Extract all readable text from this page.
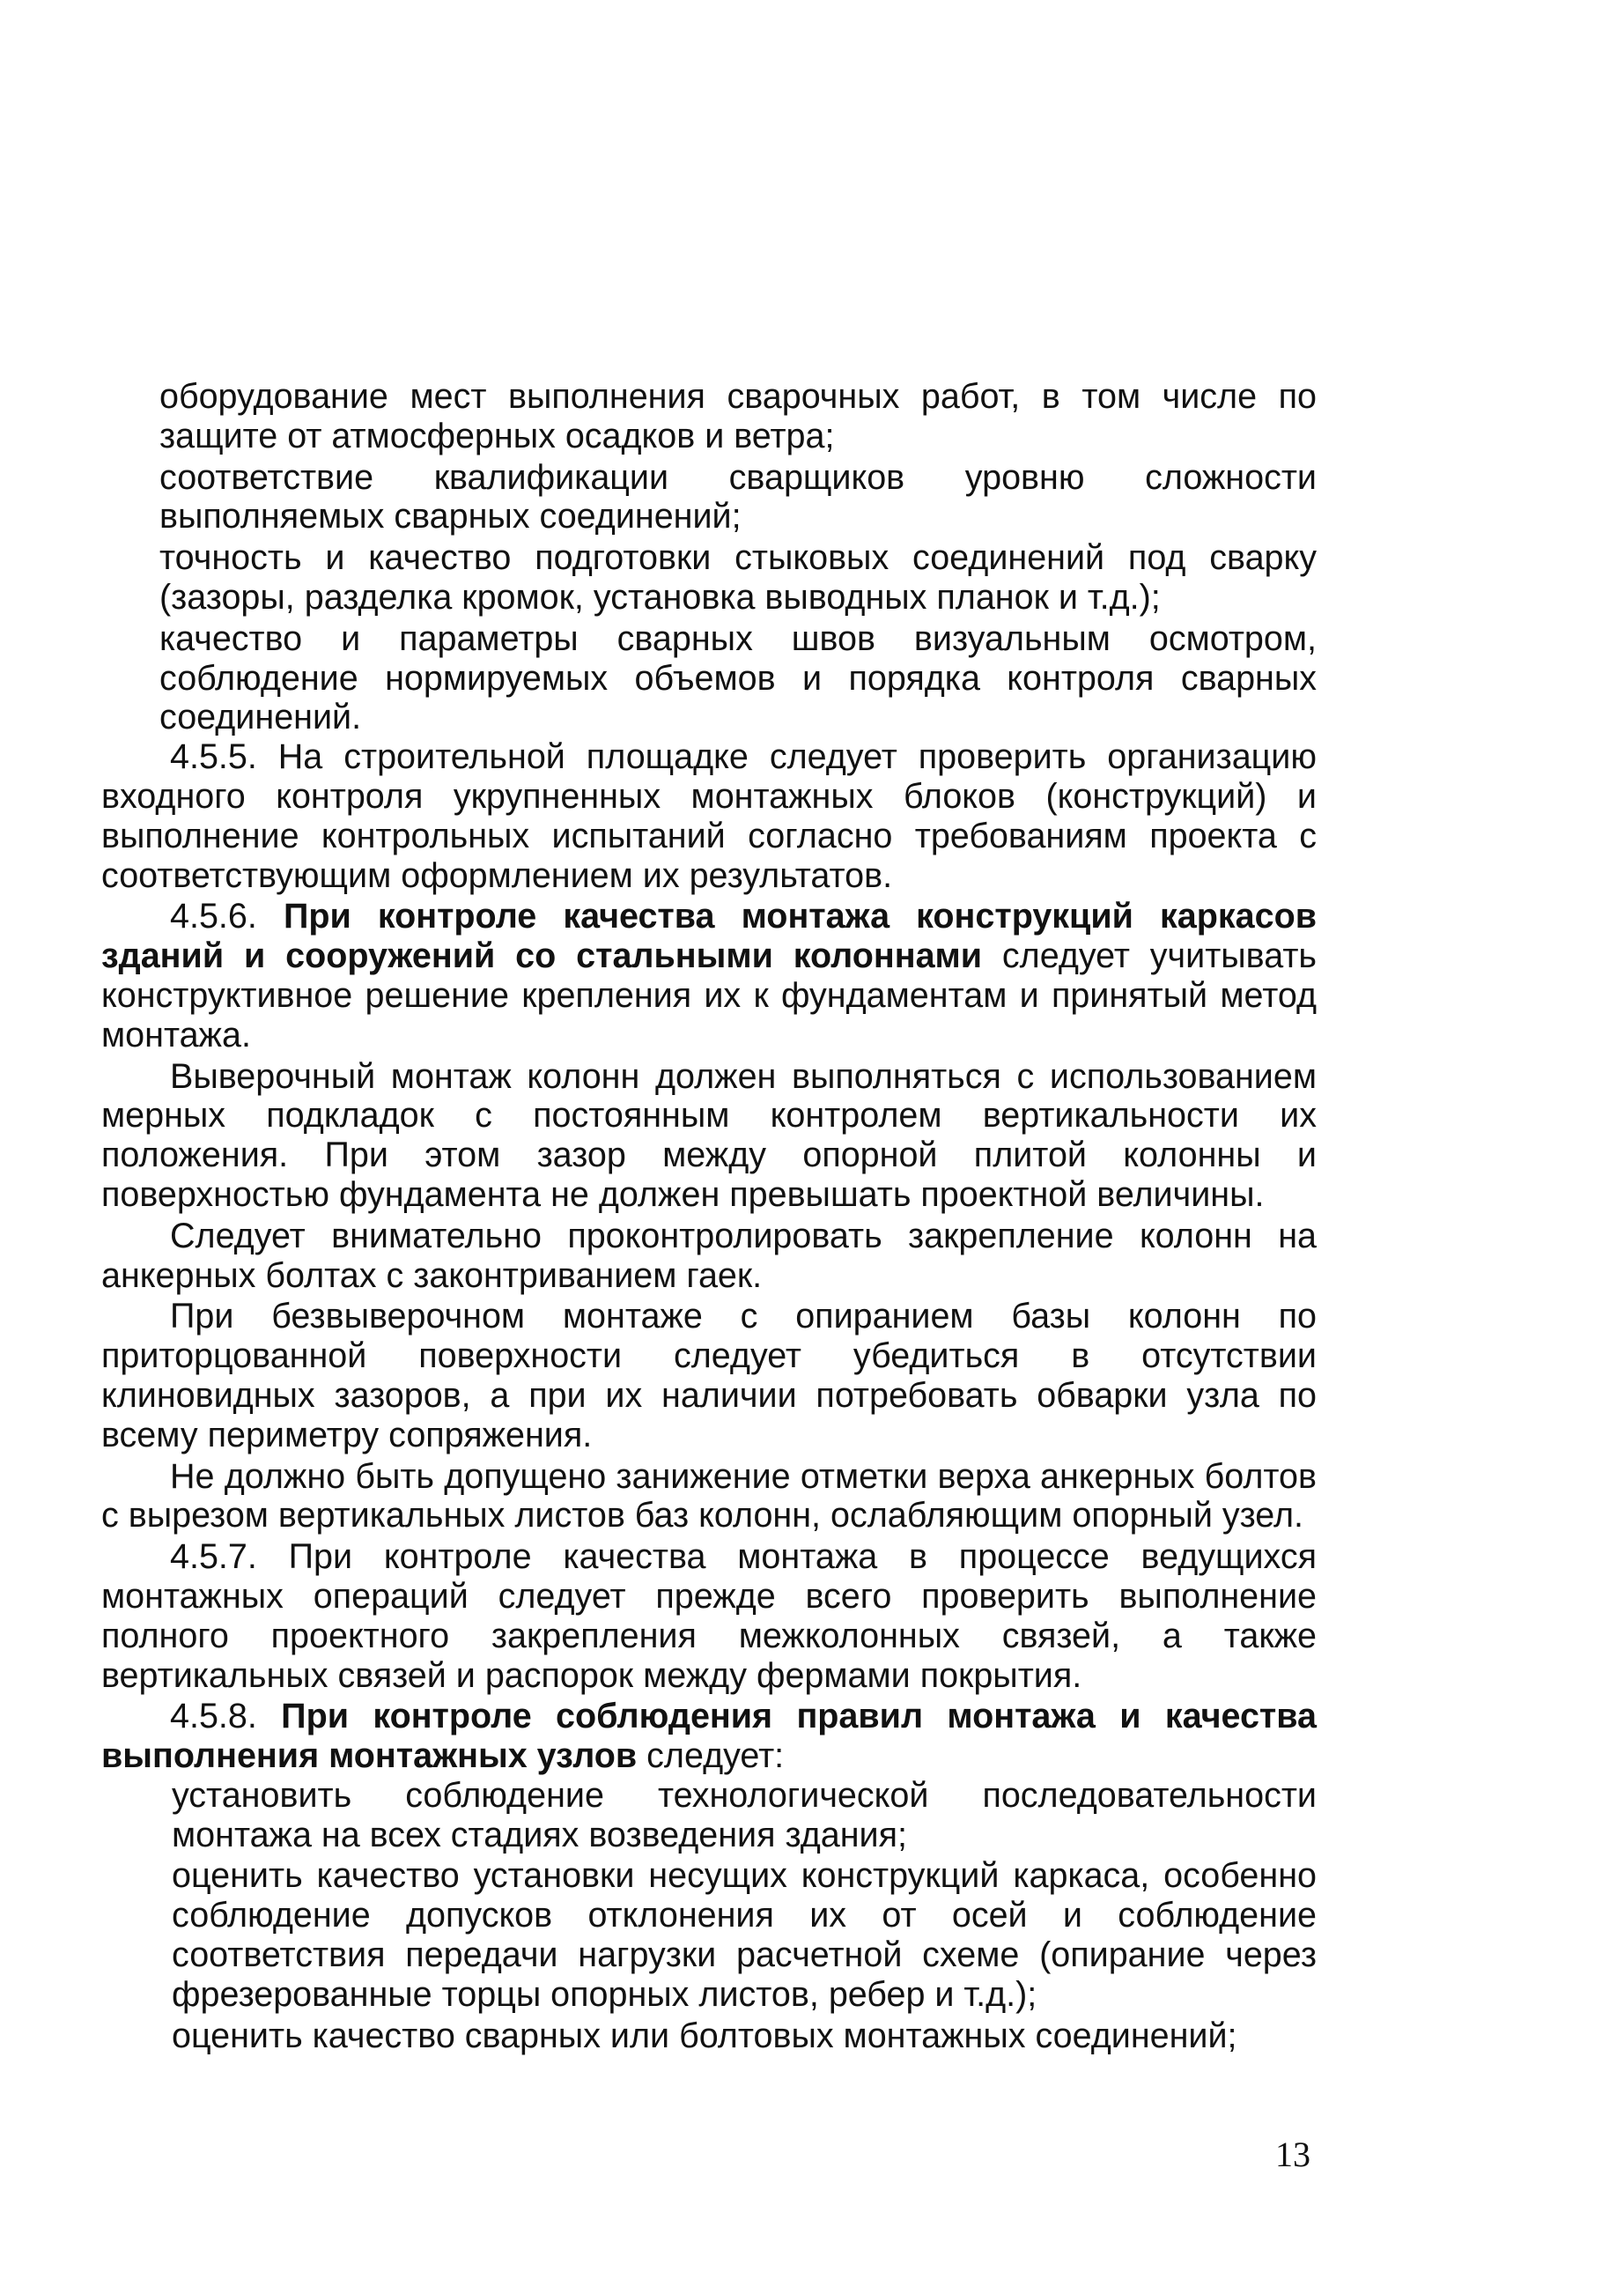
оборудование мест выполнения сварочных работ, в том числе по защите от атмосферных осадков и ветра;

соответствие квалификации сварщиков уровню сложности выполняемых сварных соединений;

точность и качество подготовки стыковых соединений под сварку (зазоры, разделка кромок, установка выводных планок и т.д.);

качество и параметры сварных швов визуальным осмотром, соблюдение нормируемых объемов и порядка контроля сварных соединений.

4.5.5. На строительной площадке следует проверить организацию входного контроля укрупненных монтажных блоков (конструкций) и выполнение контрольных испытаний согласно требованиям проекта с соответствующим оформлением их результатов.

4.5.6. При контроле качества монтажа конструкций каркасов зданий и сооружений со стальными колоннами следует учитывать конструктивное решение крепления их к фундаментам и принятый метод монтажа.

Выверочный монтаж колонн должен выполняться с использованием мерных подкладок с постоянным контролем вертикальности их положения. При этом зазор между опорной плитой колонны и поверхностью фундамента не должен превышать проектной величины.

Следует внимательно проконтролировать закрепление колонн на анкерных болтах с законтриванием гаек.

При безвыверочном монтаже с опиранием базы колонн по приторцованной поверхности следует убедиться в отсутствии клиновидных зазоров, а при их наличии потребовать обварки узла по всему периметру сопряжения.

Не должно быть допущено занижение отметки верха анкерных болтов с вырезом вертикальных листов баз колонн, ослабляющим опорный узел.

4.5.7. При контроле качества монтажа в процессе ведущихся монтажных операций следует прежде всего проверить выполнение полного проектного закрепления межколонных связей, а также вертикальных связей и распорок между фермами покрытия.

4.5.8. При контроле соблюдения правил монтажа и качества выполнения монтажных узлов следует:

установить соблюдение технологической последовательности монтажа на всех стадиях возведения здания;

оценить качество установки несущих конструкций каркаса, особенно соблюдение допусков отклонения их от осей и соблюдение соответствия передачи нагрузки расчетной схеме (опирание через фрезерованные торцы опорных листов, ребер и т.д.);

оценить качество сварных или болтовых монтажных соединений;

13
